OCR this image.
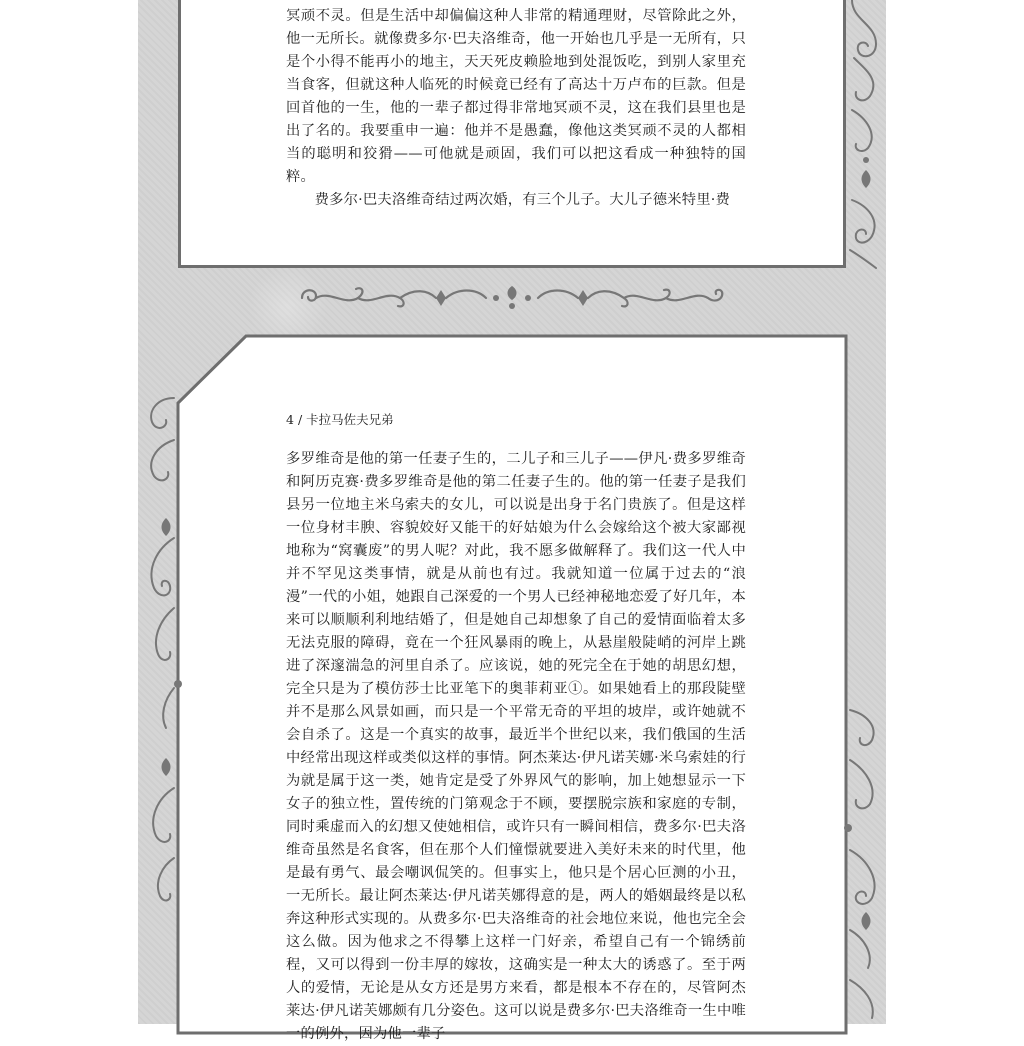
冥顽不灵。但是生活中却偏偏这种人非常的精通理财，尽管除此之外，他一无所长。就像费多尔·巴夫洛维奇，他一开始也几乎是一无所有，只是个小得不能再小的地主，天天死皮赖脸地到处混饭吃，到别人家里充当食客，但就这种人临死的时候竟已经有了高达十万卢布的巨款。但是回首他的一生，他的一辈子都过得非常地冥顽不灵，这在我们县里也是出了名的。我要重申一遍：他并不是愚蠢，像他这类冥顽不灵的人都相当的聪明和狡猾——可他就是顽固，我们可以把这看成一种独特的国粹。

费多尔·巴夫洛维奇结过两次婚，有三个儿子。大儿子德米特里·费

4 / 卡拉马佐夫兄弟

多罗维奇是他的第一任妻子生的，二儿子和三儿子——伊凡·费多罗维奇和阿历克赛·费多罗维奇是他的第二任妻子生的。他的第一任妻子是我们县另一位地主米乌索夫的女儿，可以说是出身于名门贵族了。但是这样一位身材丰腴、容貌姣好又能干的好姑娘为什么会嫁给这个被大家鄙视地称为“窝囊废”的男人呢？对此，我不愿多做解释了。我们这一代人中并不罕见这类事情，就是从前也有过。我就知道一位属于过去的“浪漫”一代的小姐，她跟自己深爱的一个男人已经神秘地恋爱了好几年，本来可以顺顺利利地结婚了，但是她自己却想象了自己的爱情面临着太多无法克服的障碍，竟在一个狂风暴雨的晚上，从悬崖般陡峭的河岸上跳进了深邃湍急的河里自杀了。应该说，她的死完全在于她的胡思幻想，完全只是为了模仿莎士比亚笔下的奥菲莉亚①。如果她看上的那段陡壁并不是那么风景如画，而只是一个平常无奇的平坦的坡岸，或许她就不会自杀了。这是一个真实的故事，最近半个世纪以来，我们俄国的生活中经常出现这样或类似这样的事情。阿杰莱达·伊凡诺芙娜·米乌索娃的行为就是属于这一类，她肯定是受了外界风气的影响，加上她想显示一下女子的独立性，置传统的门第观念于不顾，要摆脱宗族和家庭的专制，同时乘虚而入的幻想又使她相信，或许只有一瞬间相信，费多尔·巴夫洛维奇虽然是名食客，但在那个人们憧憬就要进入美好未来的时代里，他是最有勇气、最会嘲讽侃笑的。但事实上，他只是个居心叵测的小丑，一无所长。最让阿杰莱达·伊凡诺芙娜得意的是，两人的婚姻最终是以私奔这种形式实现的。从费多尔·巴夫洛维奇的社会地位来说，他也完全会这么做。因为他求之不得攀上这样一门好亲，希望自己有一个锦绣前程，又可以得到一份丰厚的嫁妆，这确实是一种太大的诱惑了。至于两人的爱情，无论是从女方还是男方来看，都是根本不存在的，尽管阿杰莱达·伊凡诺芙娜颇有几分姿色。这可以说是费多尔·巴夫洛维奇一生中唯一的例外，因为他一辈子
